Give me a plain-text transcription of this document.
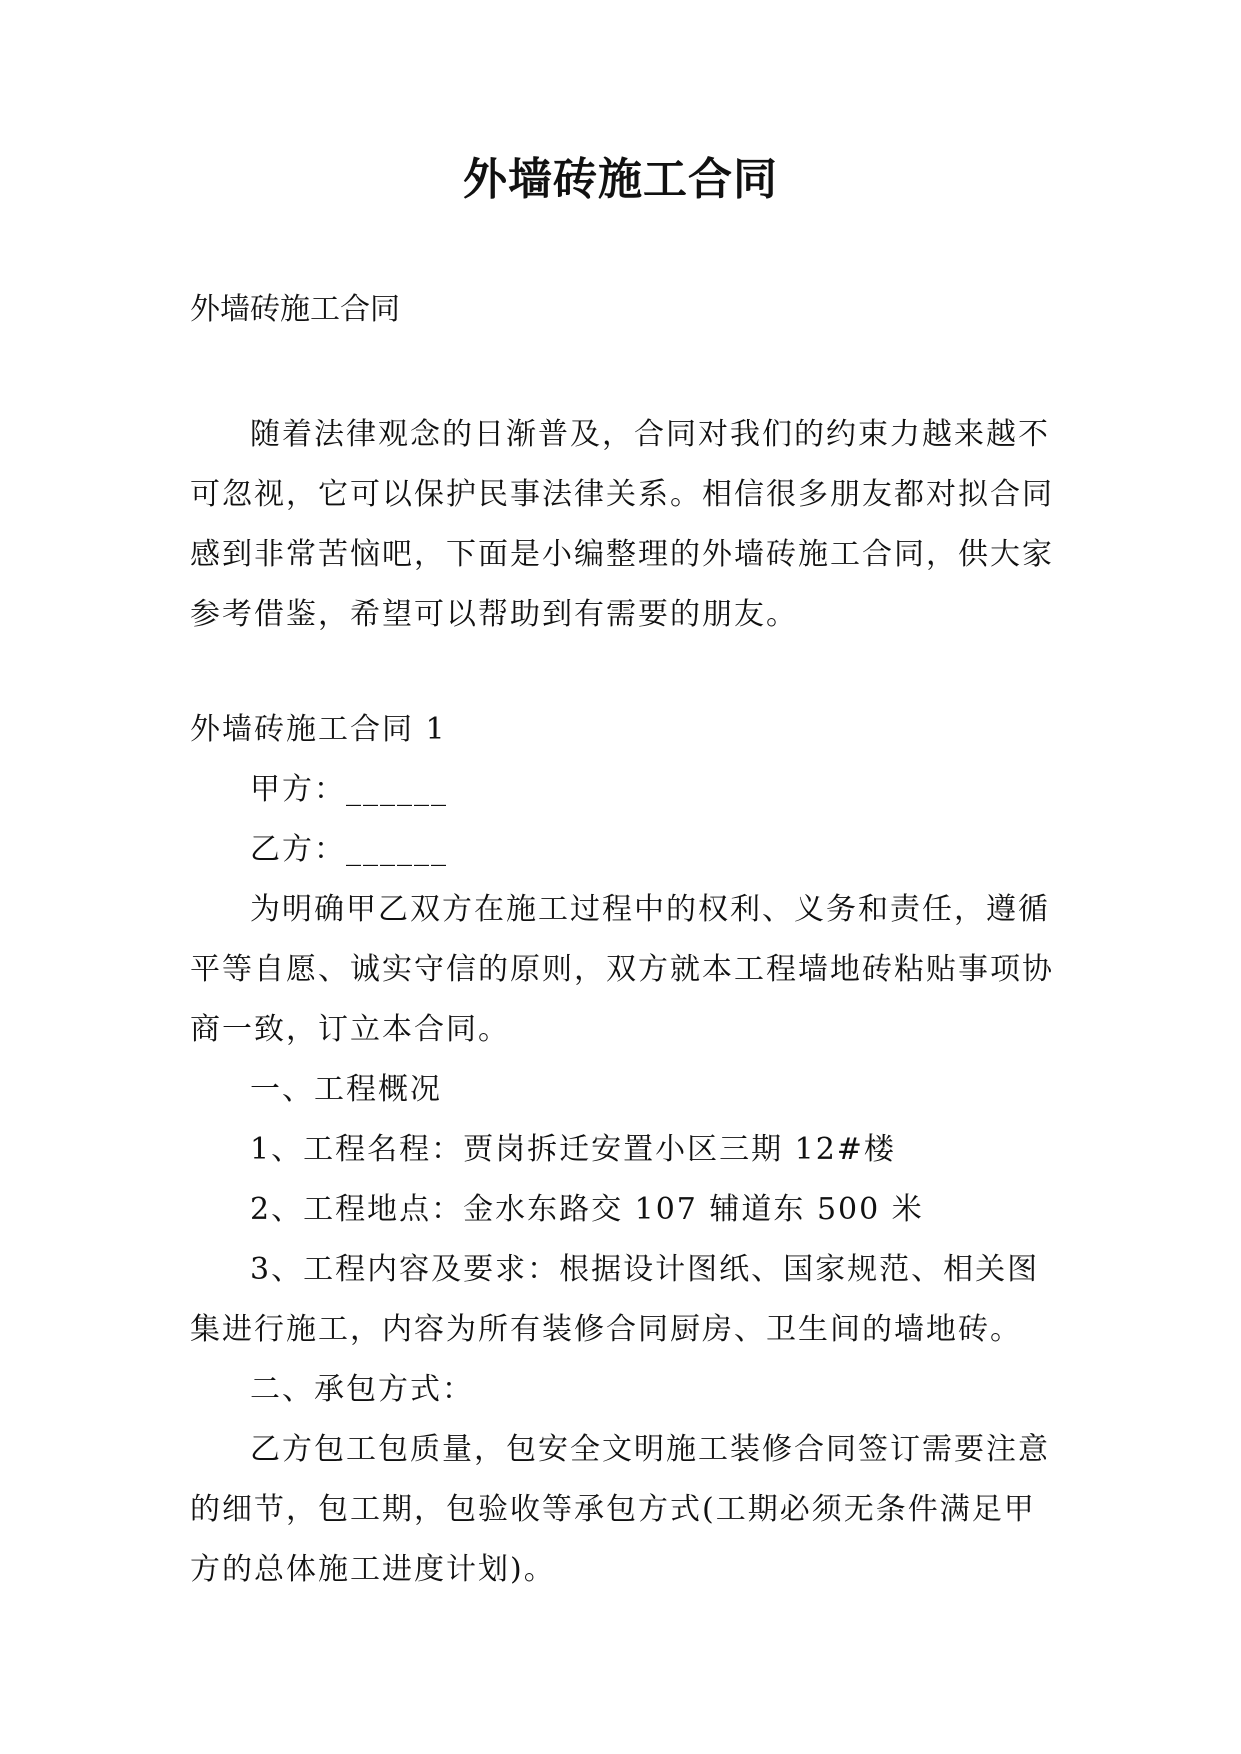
外墙砖施工合同
外墙砖施工合同

随着法律观念的日渐普及，合同对我们的约束力越来越不可忽视，它可以保护民事法律关系。相信很多朋友都对拟合同感到非常苦恼吧，下面是小编整理的外墙砖施工合同，供大家参考借鉴，希望可以帮助到有需要的朋友。

外墙砖施工合同 1

甲方：______

乙方：______

为明确甲乙双方在施工过程中的权利、义务和责任，遵循平等自愿、诚实守信的原则，双方就本工程墙地砖粘贴事项协商一致，订立本合同。

一、工程概况

1、工程名程：贾岗拆迁安置小区三期 12#楼

2、工程地点：金水东路交 107 辅道东 500 米

3、工程内容及要求：根据设计图纸、国家规范、相关图集进行施工，内容为所有装修合同厨房、卫生间的墙地砖。

二、承包方式：

乙方包工包质量，包安全文明施工装修合同签订需要注意的细节，包工期，包验收等承包方式(工期必须无条件满足甲方的总体施工进度计划)。
